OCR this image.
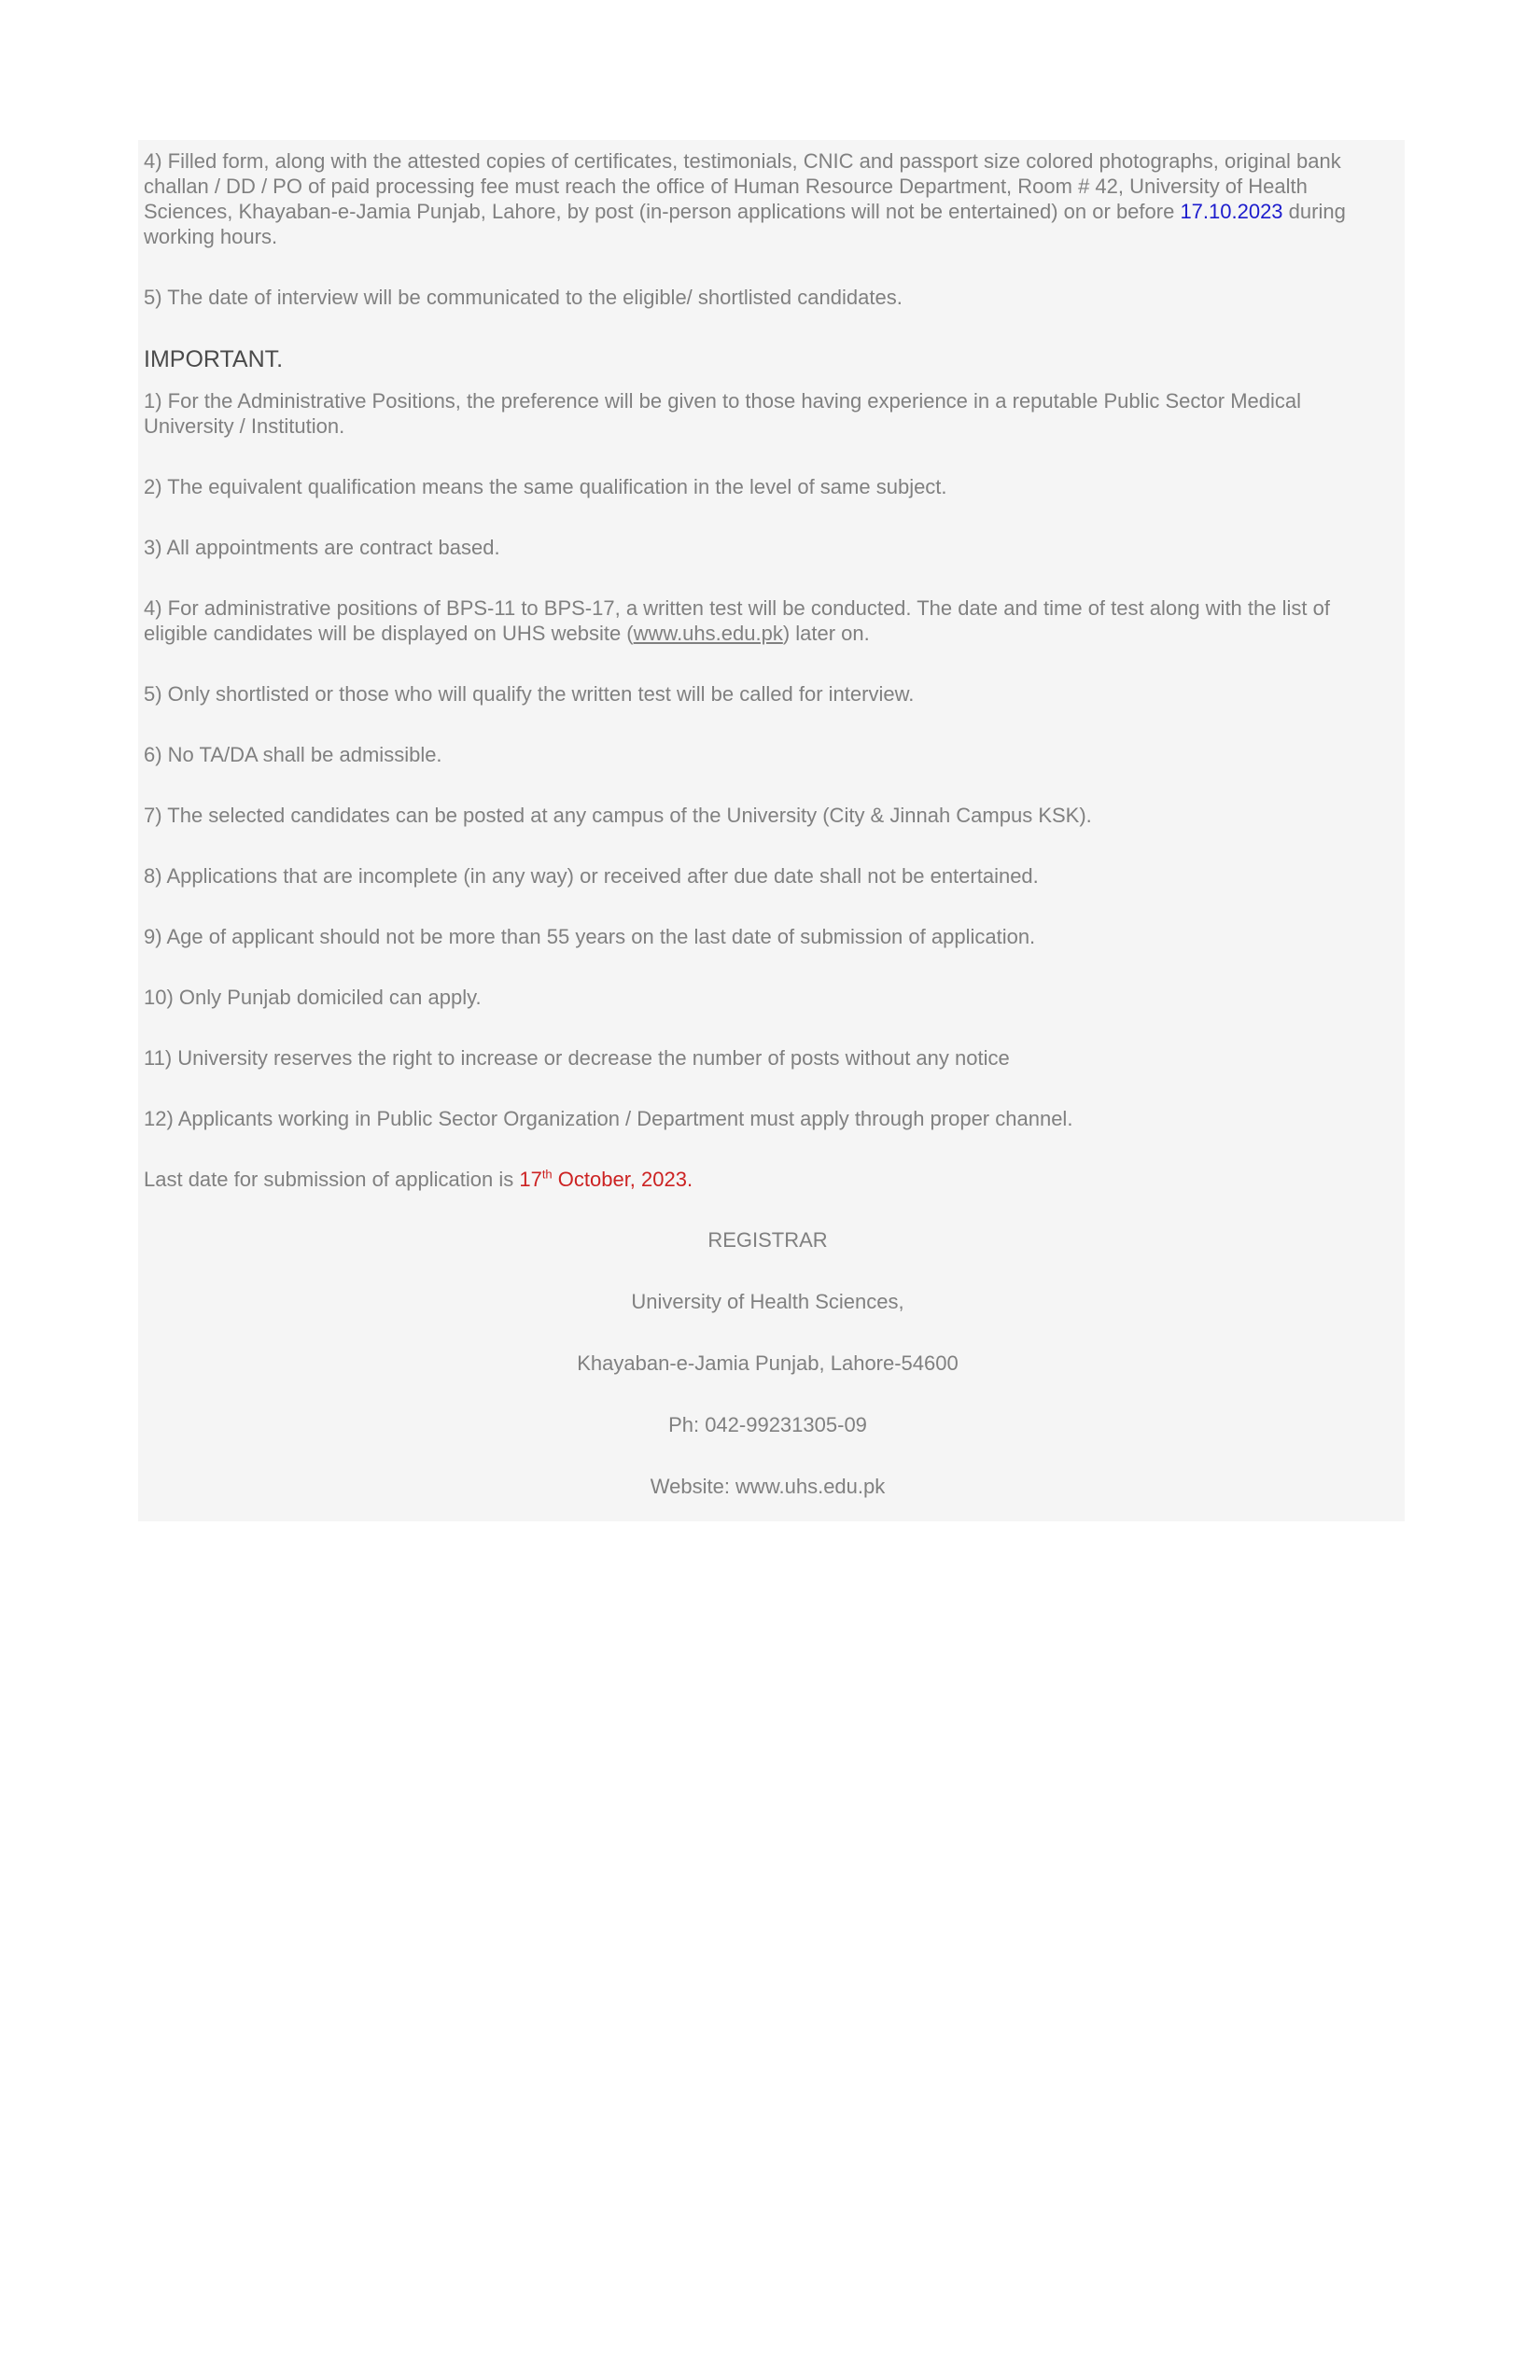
4) Filled form, along with the attested copies of certificates, testimonials, CNIC and passport size colored photographs, original bank challan / DD / PO of paid processing fee must reach the office of Human Resource Department, Room # 42, University of Health Sciences, Khayaban-e-Jamia Punjab, Lahore, by post (in-person applications will not be entertained) on or before 17.10.2023 during working hours.

5) The date of interview will be communicated to the eligible/ shortlisted candidates.

IMPORTANT.

1) For the Administrative Positions, the preference will be given to those having experience in a reputable Public Sector Medical University / Institution.

2) The equivalent qualification means the same qualification in the level of same subject.

3) All appointments are contract based.

4) For administrative positions of BPS-11 to BPS-17, a written test will be conducted. The date and time of test along with the list of eligible candidates will be displayed on UHS website (www.uhs.edu.pk) later on.

5) Only shortlisted or those who will qualify the written test will be called for interview.

6) No TA/DA shall be admissible.

7) The selected candidates can be posted at any campus of the University (City & Jinnah Campus KSK).

8) Applications that are incomplete (in any way) or received after due date shall not be entertained.

9) Age of applicant should not be more than 55 years on the last date of submission of application.

10) Only Punjab domiciled can apply.

11) University reserves the right to increase or decrease the number of posts without any notice

12) Applicants working in Public Sector Organization / Department must apply through proper channel.

Last date for submission of application is 17th October, 2023.

REGISTRAR

University of Health Sciences,

Khayaban-e-Jamia Punjab, Lahore-54600

Ph: 042-99231305-09

Website: www.uhs.edu.pk
